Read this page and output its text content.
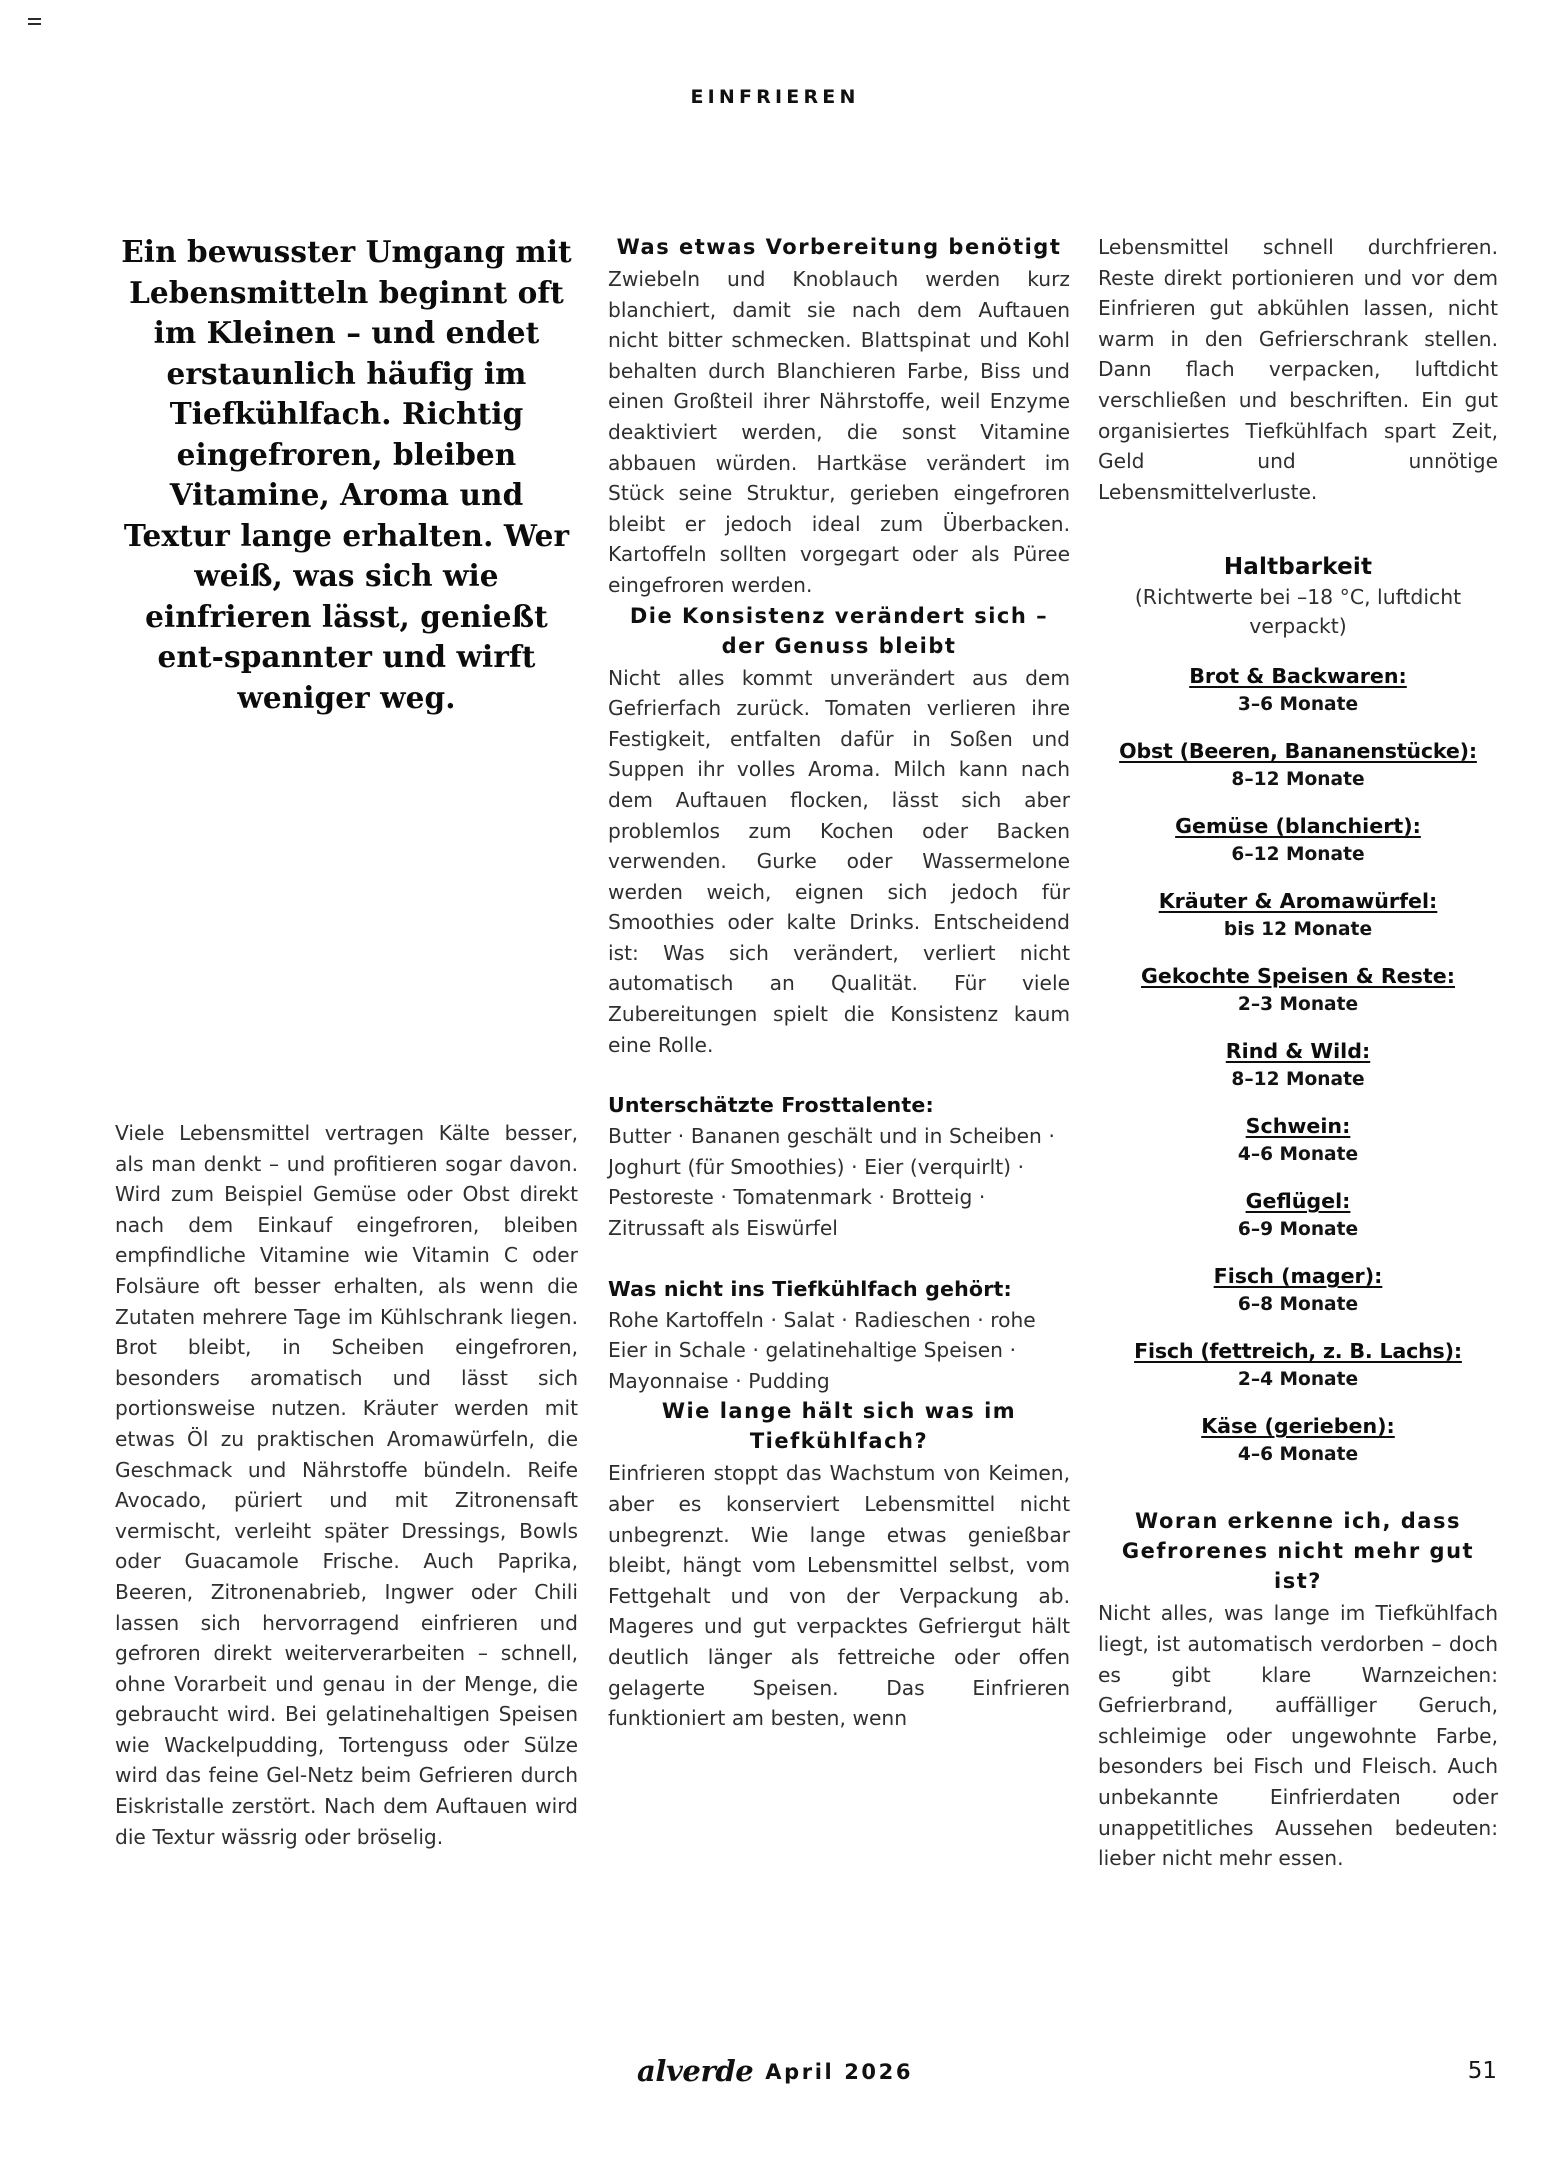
EINFRIEREN
Ein bewusster Umgang mit Lebensmitteln beginnt oft im Kleinen – und endet erstaunlich häufig im Tiefkühlfach. Richtig eingefroren, bleiben Vitamine, Aroma und Textur lange erhalten. Wer weiß, was sich wie einfrieren lässt, genießt ent-spannter und wirft weniger weg.
Viele Lebensmittel vertragen Kälte besser, als man denkt – und profitieren sogar davon. Wird zum Beispiel Gemüse oder Obst direkt nach dem Einkauf eingefroren, bleiben empfindliche Vitamine wie Vitamin C oder Folsäure oft besser erhalten, als wenn die Zutaten mehrere Tage im Kühlschrank liegen. Brot bleibt, in Scheiben eingefroren, besonders aromatisch und lässt sich portionsweise nutzen. Kräuter werden mit etwas Öl zu praktischen Aromawürfeln, die Geschmack und Nährstoffe bündeln. Reife Avocado, püriert und mit Zitronensaft vermischt, verleiht später Dressings, Bowls oder Guacamole Frische. Auch Paprika, Beeren, Zitronenabrieb, Ingwer oder Chili lassen sich hervorragend einfrieren und gefroren direkt weiterverarbeiten – schnell, ohne Vorarbeit und genau in der Menge, die gebraucht wird. Bei gelatinehaltigen Speisen wie Wackelpudding, Tortenguss oder Sülze wird das feine Gel-Netz beim Gefrieren durch Eiskristalle zerstört. Nach dem Auftauen wird die Textur wässrig oder bröselig.
Was etwas Vorbereitung benötigt
Zwiebeln und Knoblauch werden kurz blanchiert, damit sie nach dem Auftauen nicht bitter schmecken. Blattspinat und Kohl behalten durch Blanchieren Farbe, Biss und einen Großteil ihrer Nährstoffe, weil Enzyme deaktiviert werden, die sonst Vitamine abbauen würden. Hartkäse verändert im Stück seine Struktur, gerieben eingefroren bleibt er jedoch ideal zum Überbacken. Kartoffeln sollten vorgegart oder als Püree eingefroren werden.
Die Konsistenz verändert sich – der Genuss bleibt
Nicht alles kommt unverändert aus dem Gefrierfach zurück. Tomaten verlieren ihre Festigkeit, entfalten dafür in Soßen und Suppen ihr volles Aroma. Milch kann nach dem Auftauen flocken, lässt sich aber problemlos zum Kochen oder Backen verwenden. Gurke oder Wassermelone werden weich, eignen sich jedoch für Smoothies oder kalte Drinks. Entscheidend ist: Was sich verändert, verliert nicht automatisch an Qualität. Für viele Zubereitungen spielt die Konsistenz kaum eine Rolle.
Unterschätzte Frosttalente:
Butter · Bananen geschält und in Scheiben · Joghurt (für Smoothies) · Eier (verquirlt) · Pestoreste · Tomatenmark · Brotteig · Zitrussaft als Eiswürfel
Was nicht ins Tiefkühlfach gehört:
Rohe Kartoffeln · Salat · Radieschen · rohe Eier in Schale · gelatinehaltige Speisen · Mayonnaise · Pudding
Wie lange hält sich was im Tiefkühlfach?
Einfrieren stoppt das Wachstum von Keimen, aber es konserviert Lebensmittel nicht unbegrenzt. Wie lange etwas genießbar bleibt, hängt vom Lebensmittel selbst, vom Fettgehalt und von der Verpackung ab. Mageres und gut verpacktes Gefriergut hält deutlich länger als fettreiche oder offen gelagerte Speisen. Das Einfrieren funktioniert am besten, wenn
Lebensmittel schnell durchfrieren. Reste direkt portionieren und vor dem Einfrieren gut abkühlen lassen, nicht warm in den Gefrierschrank stellen. Dann flach verpacken, luftdicht verschließen und beschriften. Ein gut organisiertes Tiefkühlfach spart Zeit, Geld und unnötige Lebensmittelverluste.
Haltbarkeit
(Richtwerte bei –18 °C, luftdicht verpackt)
Brot & Backwaren:
3–6 Monate
Obst (Beeren, Bananenstücke):
8–12 Monate
Gemüse (blanchiert):
6–12 Monate
Kräuter & Aromawürfel:
bis 12 Monate
Gekochte Speisen & Reste:
2–3 Monate
Rind & Wild:
8–12 Monate
Schwein:
4–6 Monate
Geflügel:
6–9 Monate
Fisch (mager):
6–8 Monate
Fisch (fettreich, z. B. Lachs):
2–4 Monate
Käse (gerieben):
4–6 Monate
Woran erkenne ich, dass Gefrorenes nicht mehr gut ist?
Nicht alles, was lange im Tiefkühlfach liegt, ist automatisch verdorben – doch es gibt klare Warnzeichen: Gefrierbrand, auffälliger Geruch, schleimige oder ungewohnte Farbe, besonders bei Fisch und Fleisch. Auch unbekannte Einfrierdaten oder unappetitliches Aussehen bedeuten: lieber nicht mehr essen.
alverde April 2026	51
